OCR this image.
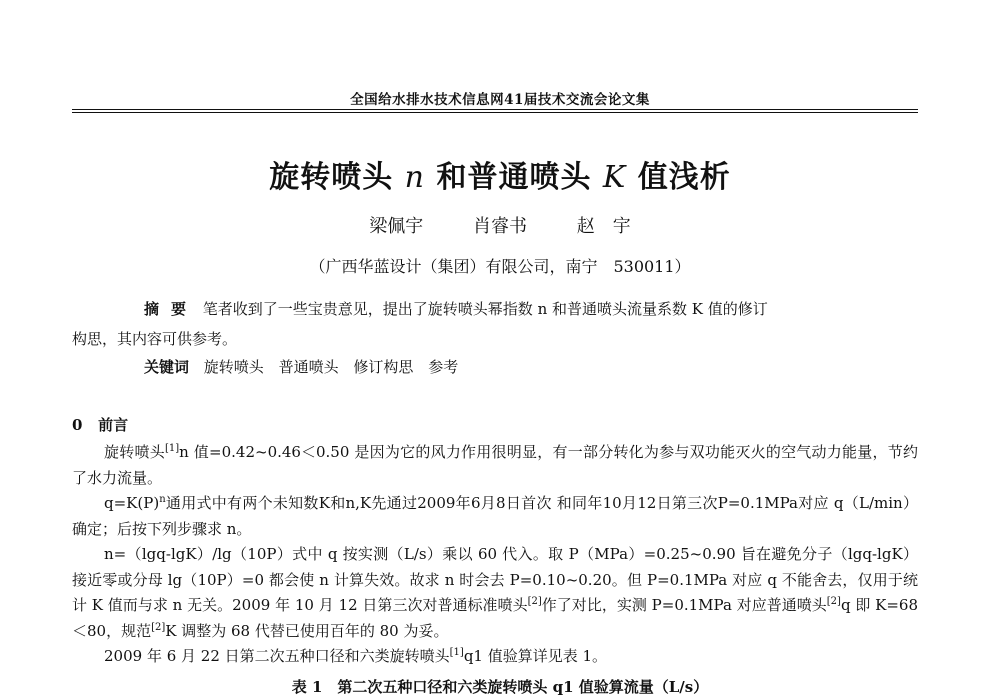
全国给水排水技术信息网41届技术交流会论文集
旋转喷头 n 和普通喷头 K 值浅析
梁佩宇	肖睿书	赵　宇
（广西华蓝设计（集团）有限公司，南宁　530011）
摘要 笔者收到了一些宝贵意见，提出了旋转喷头幂指数 n 和普通喷头流量系数 K 值的修订
构思，其内容可供参考。
关键词 旋转喷头 普通喷头 修订构思 参考
0 前言

旋转喷头[1]n 值=0.42~0.46＜0.50 是因为它的风力作用很明显，有一部分转化为参与双功能灭火的空气动力能量，节约了水力流量。

$q=K(P)^n$通用式中有两个未知数K和n,K先通过2009年6月8日首次 和同年10月12日第三次P=0.1MPa对应 q（L/min）确定；后按下列步骤求 n。

n=（lgq-lgK）/lg（10P）式中 q 按实测（L/s）乘以 60 代入。取 P（MPa）=0.25~0.90 旨在避免分子（lgq-lgK）接近零或分母 lg（10P）=0 都会使 n 计算失效。故求 n 时会去 P=0.10~0.20。但 P=0.1MPa 对应 q 不能舍去，仅用于统计 K 值而与求 n 无关。2009 年 10 月 12 日第三次对普通标准喷头[2]作了对比，实测 P=0.1MPa 对应普通喷头[2]q 即 K=68＜80，规范[2]K 调整为 68 代替已使用百年的 80 为妥。

2009 年 6 月 22 日第二次五种口径和六类旋转喷头[1]q1 值验算详见表 1。

表 1　第二次五种口径和六类旋转喷头 q1 值验算流量（L/s）
